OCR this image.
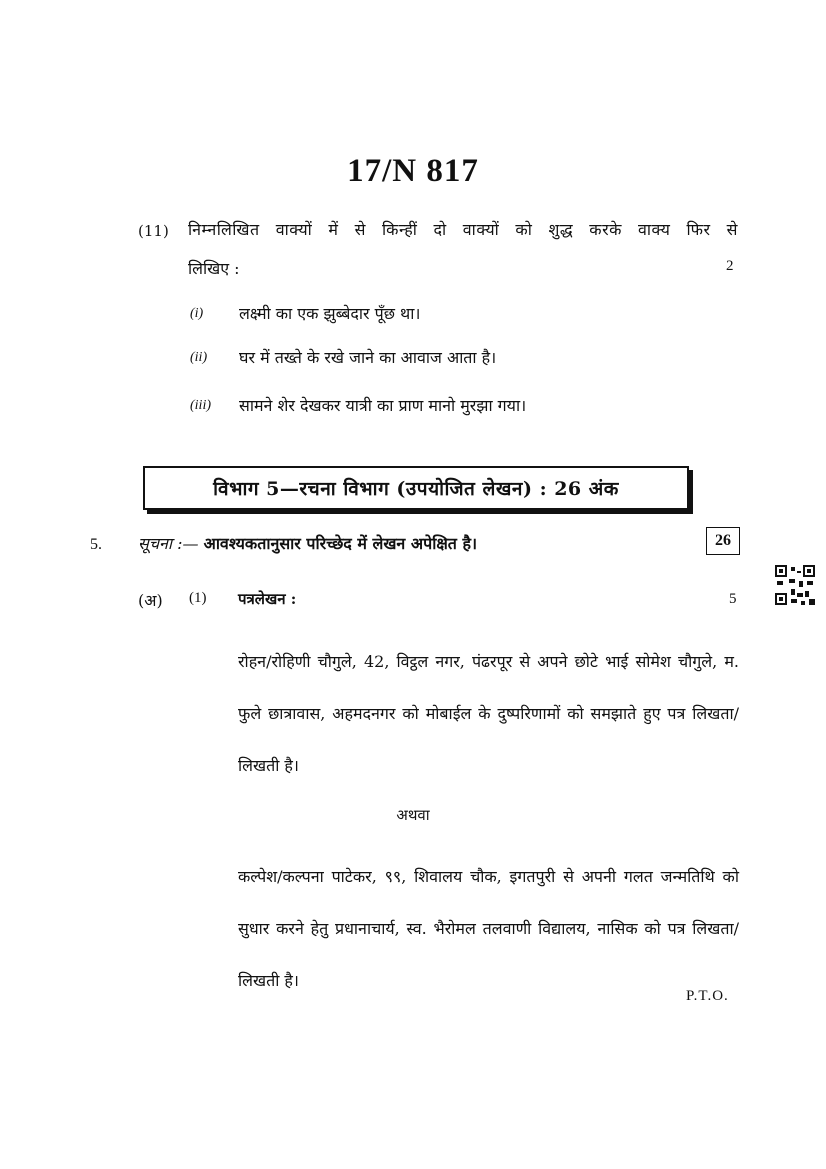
17/N 817
(11) निम्नलिखित वाक्यों में से किन्हीं दो वाक्यों को शुद्ध करके वाक्य फिर से
लिखिए :	2
(i) लक्ष्मी का एक झुब्बेदार पूँछ था।
(ii) घर में तख्ते के रखे जाने का आवाज आता है।
(iii) सामने शेर देखकर यात्री का प्राण मानो मुरझा गया।
विभाग 5—रचना विभाग (उपयोजित लेखन) : 26 अंक
5. सूचना :— आवश्यकतानुसार परिच्छेद में लेखन अपेक्षित है।	26
(अ) (1) पत्रलेखन :	5
रोहन/रोहिणी चौगुले, 42, विट्ठल नगर, पंढरपूर से अपने छोटे भाई सोमेश चौगुले, म. फुले छात्रावास, अहमदनगर को मोबाईल के दुष्परिणामों को समझाते हुए पत्र लिखता/लिखती है।
अथवा
कल्पेश/कल्पना पाटेकर, ९९, शिवालय चौक, इगतपुरी से अपनी गलत जन्मतिथि को सुधार करने हेतु प्रधानाचार्य, स्व. भैरोमल तलवाणी विद्यालय, नासिक को पत्र लिखता/लिखती है।
P.T.O.
